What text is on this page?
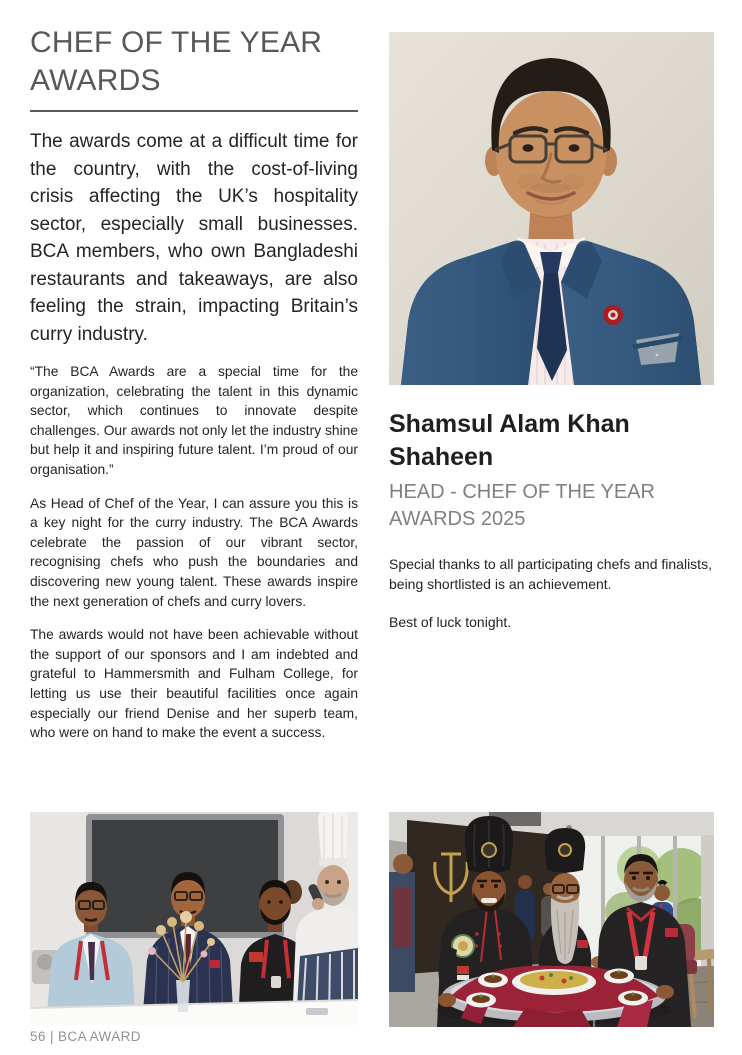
CHEF OF THE YEAR AWARDS

The awards come at a difficult time for the country, with the cost-of-living crisis affecting the UK’s hospitality sector, especially small businesses. BCA members, who own Bangladeshi restaurants and takeaways, are also feeling the strain, impacting Britain’s curry industry.

“The BCA Awards are a special time for the organization, celebrating the talent in this dynamic sector, which continues to innovate despite challenges. Our awards not only let the industry shine but help it and inspiring future talent. I’m proud of our organisation.”

As Head of Chef of the Year, I can assure you this is a key night for the curry industry. The BCA Awards celebrate the passion of our vibrant sector, recognising chefs who push the boundaries and discovering new young talent. These awards inspire the next generation of chefs and curry lovers.

The awards would not have been achievable without the support of our sponsors and I am indebted and grateful to Hammersmith and Fulham College, for letting us use their beautiful facilities once again especially our friend Denise and her superb team, who were on hand to make the event a success.

Shamsul Alam Khan Shaheen
HEAD - CHEF OF THE YEAR AWARDS 2025

Special thanks to all participating chefs and finalists, being shortlisted is an achievement.

Best of luck tonight.

56 | BCA AWARD
